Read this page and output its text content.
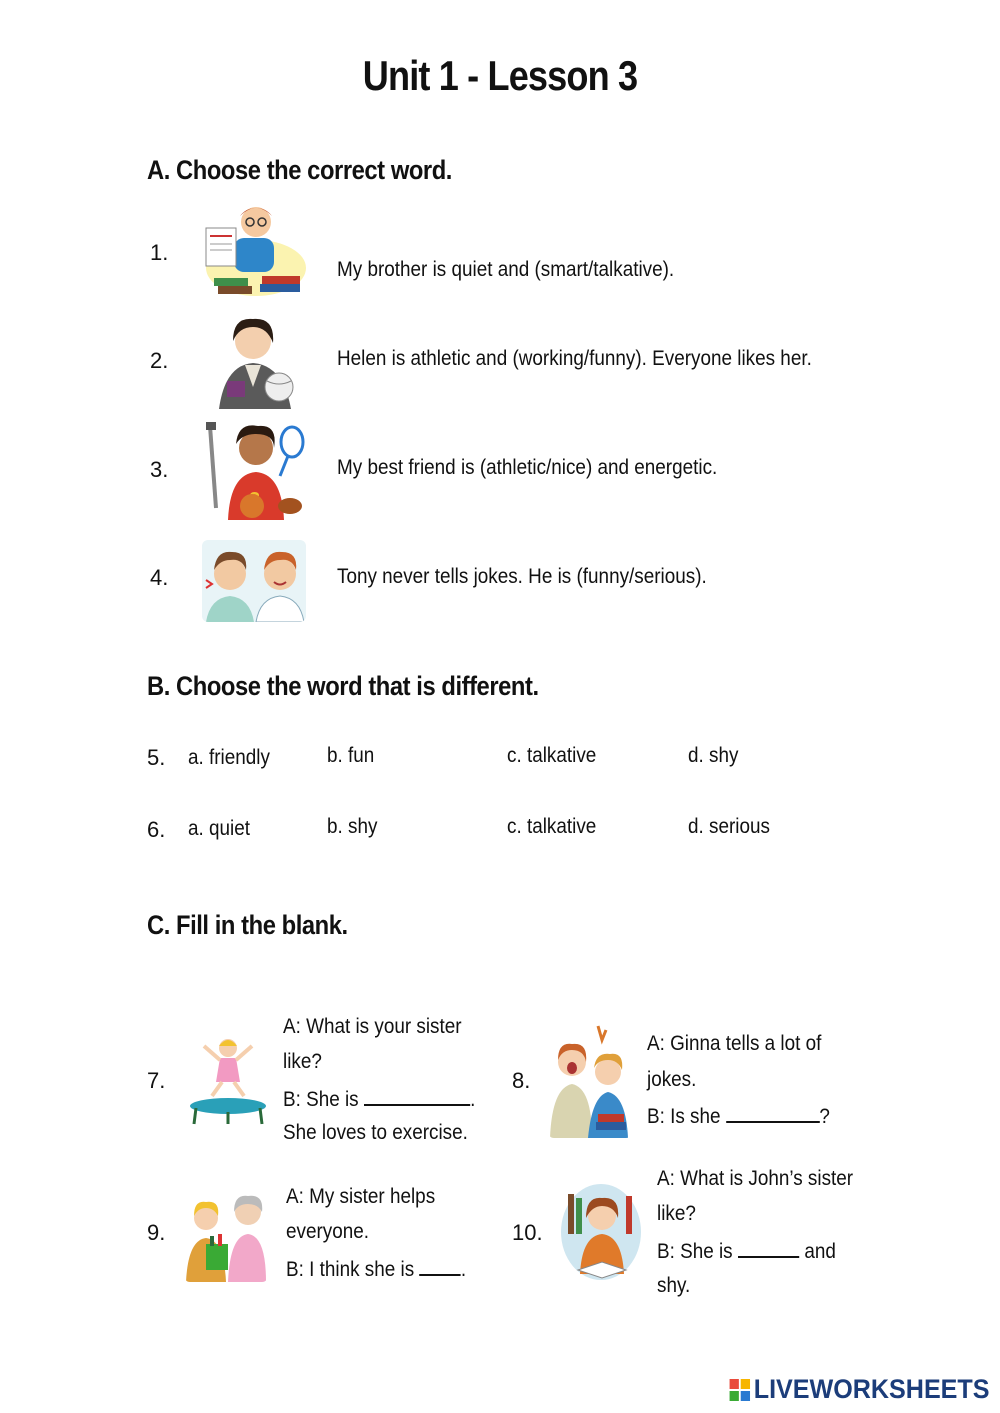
Unit 1 - Lesson 3
A. Choose the correct word.
1.
My brother is quiet and (smart/talkative).
2.	Helen is athletic and (working/funny). Everyone likes her.
3.	My best friend is (athletic/nice) and energetic.
4.	Tony never tells jokes. He is (funny/serious).
B. Choose the word that is different.
5. a. friendly	b. fun	c. talkative	d. shy
6. a. quiet	b. shy	c. talkative	d. serious
C. Fill in the blank.
7.
A: What is your sister
like?
B: She is	.
She loves to exercise.
8.
A: Ginna tells a lot of
jokes.
B: Is she	?
9.
A: My sister helps
everyone.
B: I think she is .
10.
A: What is John’s sister
like?
B: She is	and
shy.
LIVEWORKSHEETS
